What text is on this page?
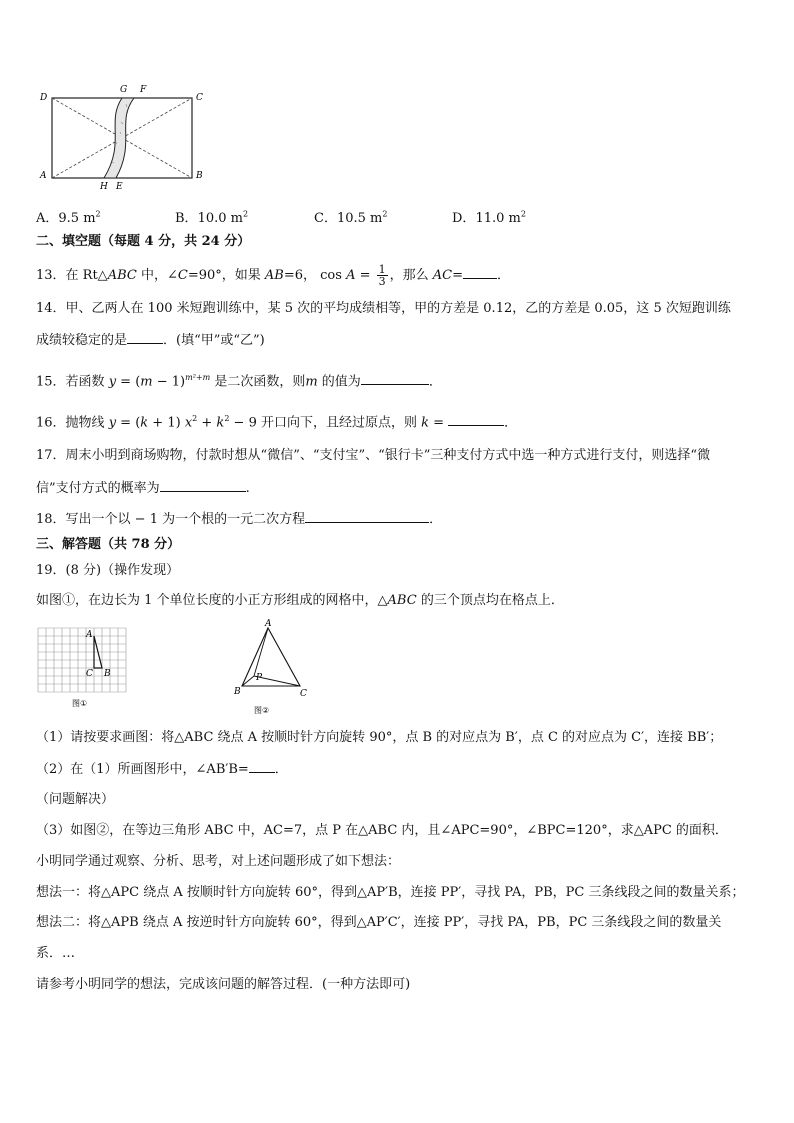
D
G F
C
A
H E
B
A．9.5 $m^2$	B．10.0 $m^2$	C．10.5 $m^2$	D．11.0 $m^2$
二、填空题（每题 4 分，共 24 分）
13．在 Rt△ABC 中，∠C=90°，如果 AB=6， $\cos A = \frac{1}{3}$ ，那么 AC=	．
14．甲、乙两人在 100 米短跑训练中，某 5 次的平均成绩相等，甲的方差是 0.12，乙的方差是 0.05，这 5 次短跑训练
成绩较稳定的是	．(填“甲”或“乙”)
15．若函数 $y = (m - 1)^{m^2+m}$ 是二次函数，则m 的值为	．
16．抛物线 y = (k + 1) $x^2 + k^2 - 9$ 开口向下，且经过原点，则 k =	．
17．周末小明到商场购物，付款时想从“微信”、“支付宝”、“银行卡”三种支付方式中选一种方式进行支付，则选择“微
信”支付方式的概率为	.
18．写出一个以 − 1 为一个根的一元二次方程	．
三、解答题（共 78 分）
19．(8 分)（操作发现）
如图①，在边长为 1 个单位长度的小正方形组成的网格中，△ABC 的三个顶点均在格点上．
A
C B
图①
A
B	C
P
图②
（1）请按要求画图：将△ABC 绕点 A 按顺时针方向旋转 90°，点 B 的对应点为 B′，点 C 的对应点为 C′，连接 BB′；
（2）在（1）所画图形中，∠AB′B= ．
（问题解决）
（3）如图②，在等边三角形 ABC 中，AC=7，点 P 在△ABC 内，且∠APC=90°，∠BPC=120°，求△APC 的面积．
小明同学通过观察、分析、思考，对上述问题形成了如下想法：
想法一：将△APC 绕点 A 按顺时针方向旋转 60°，得到△AP′B，连接 PP′，寻找 PA，PB，PC 三条线段之间的数量关系；
想法二：将△APB 绕点 A 按逆时针方向旋转 60°，得到△AP′C′，连接 PP′，寻找 PA，PB，PC 三条线段之间的数量关
系．…
请参考小明同学的想法，完成该问题的解答过程．(一种方法即可)
